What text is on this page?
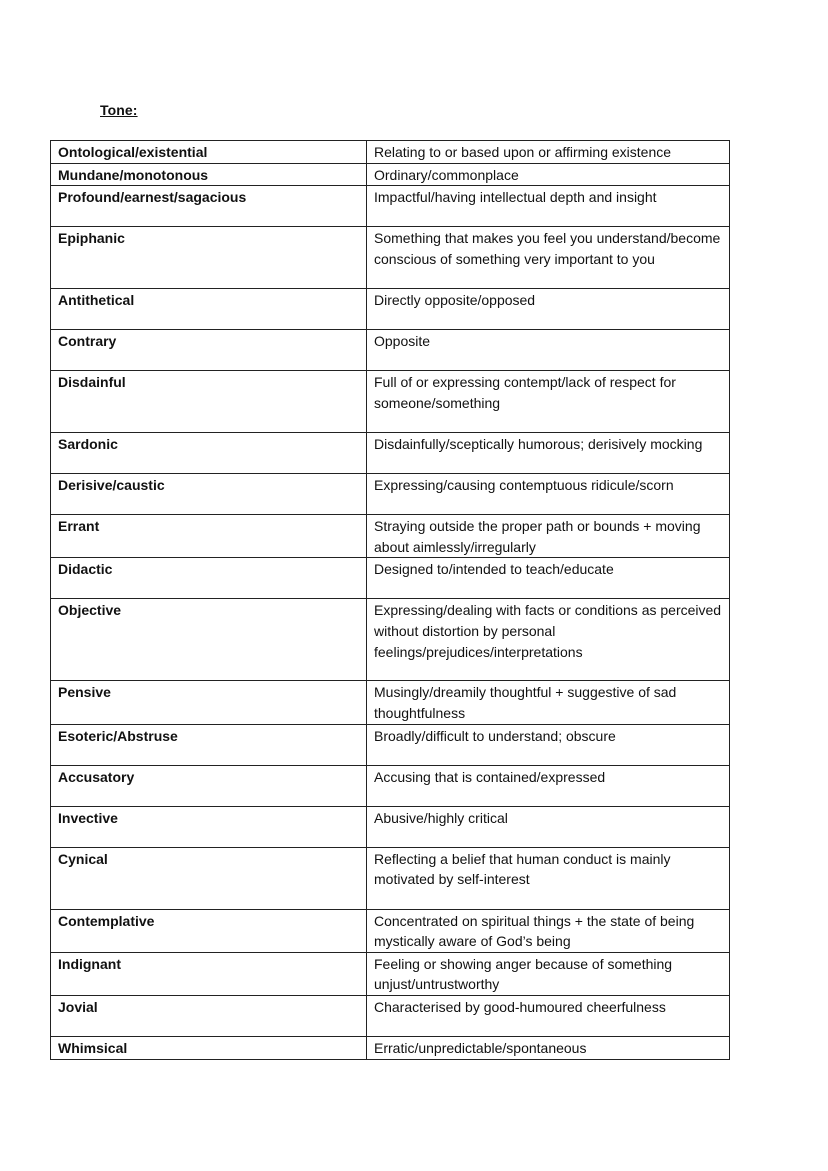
Tone:
Ontological/existential	Relating to or based upon or affirming existence
Mundane/monotonous	Ordinary/commonplace
Profound/earnest/sagacious	Impactful/having intellectual depth and insight
Epiphanic	Something that makes you feel you understand/become conscious of something very important to you
Antithetical	Directly opposite/opposed
Contrary	Opposite
Disdainful	Full of or expressing contempt/lack of respect for someone/something
Sardonic	Disdainfully/sceptically humorous; derisively mocking
Derisive/caustic	Expressing/causing contemptuous ridicule/scorn
Errant	Straying outside the proper path or bounds + moving about aimlessly/irregularly
Didactic	Designed to/intended to teach/educate
Objective	Expressing/dealing with facts or conditions as perceived without distortion by personal feelings/prejudices/interpretations
Pensive	Musingly/dreamily thoughtful + suggestive of sad thoughtfulness
Esoteric/Abstruse	Broadly/difficult to understand; obscure
Accusatory	Accusing that is contained/expressed
Invective	Abusive/highly critical
Cynical	Reflecting a belief that human conduct is mainly motivated by self-interest
Contemplative	Concentrated on spiritual things + the state of being mystically aware of God’s being
Indignant	Feeling or showing anger because of something unjust/untrustworthy
Jovial	Characterised by good-humoured cheerfulness
Whimsical	Erratic/unpredictable/spontaneous
